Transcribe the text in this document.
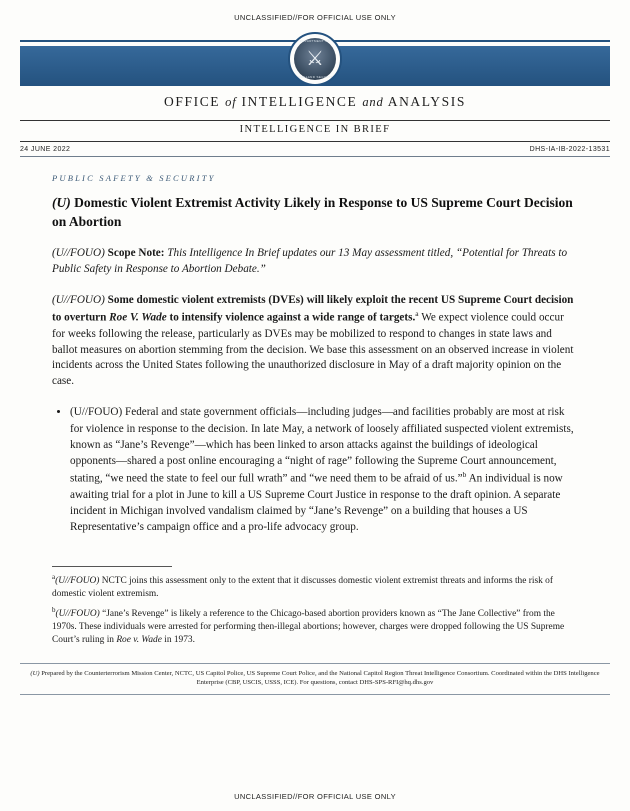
UNCLASSIFIED//FOR OFFICIAL USE ONLY
DEPARTMENT OF
⚔
HOMELAND SECURITY
OFFICE of INTELLIGENCE and ANALYSIS
INTELLIGENCE IN BRIEF
24 JUNE 2022	DHS-IA-IB-2022-13531
PUBLIC SAFETY & SECURITY
(U) Domestic Violent Extremist Activity Likely in Response to US Supreme Court Decision on Abortion

(U//FOUO) Scope Note: This Intelligence In Brief updates our 13 May assessment titled, “Potential for Threats to Public Safety in Response to Abortion Debate.”

(U//FOUO) Some domestic violent extremists (DVEs) will likely exploit the recent US Supreme Court decision to overturn Roe V. Wade to intensify violence against a wide range of targets.$^a$ We expect violence could occur for weeks following the release, particularly as DVEs may be mobilized to respond to changes in state laws and ballot measures on abortion stemming from the decision. We base this assessment on an observed increase in violent incidents across the United States following the unauthorized disclosure in May of a draft majority opinion on the case.

• (U//FOUO) Federal and state government officials—including judges—and facilities probably are most at risk for violence in response to the decision. In late May, a network of loosely affiliated suspected violent extremists, known as “Jane’s Revenge”—which has been linked to arson attacks against the buildings of ideological opponents—shared a post online encouraging a “night of rage” following the Supreme Court announcement, stating, “we need the state to feel our full wrath” and “we need them to be afraid of us.”$^b$ An individual is now awaiting trial for a plot in June to kill a US Supreme Court Justice in response to the draft opinion. A separate incident in Michigan involved vandalism claimed by “Jane’s Revenge” on a building that houses a US Representative’s campaign office and a pro-life advocacy group.
$^a$(U//FOUO) NCTC joins this assessment only to the extent that it discusses domestic violent extremist threats and informs the risk of domestic violent extremism.
$^b$(U//FOUO) “Jane’s Revenge” is likely a reference to the Chicago-based abortion providers known as “The Jane Collective” from the 1970s. These individuals were arrested for performing then-illegal abortions; however, charges were dropped following the US Supreme Court’s ruling in Roe v. Wade in 1973.
(U) Prepared by the Counterterrorism Mission Center, NCTC, US Capitol Police, US Supreme Court Police, and the National Capitol Region Threat Intelligence Consortium. Coordinated within the DHS Intelligence Enterprise (CBP, USCIS, USSS, ICE). For questions, contact DHS-SPS-RFI@hq.dhs.gov
UNCLASSIFIED//FOR OFFICIAL USE ONLY
